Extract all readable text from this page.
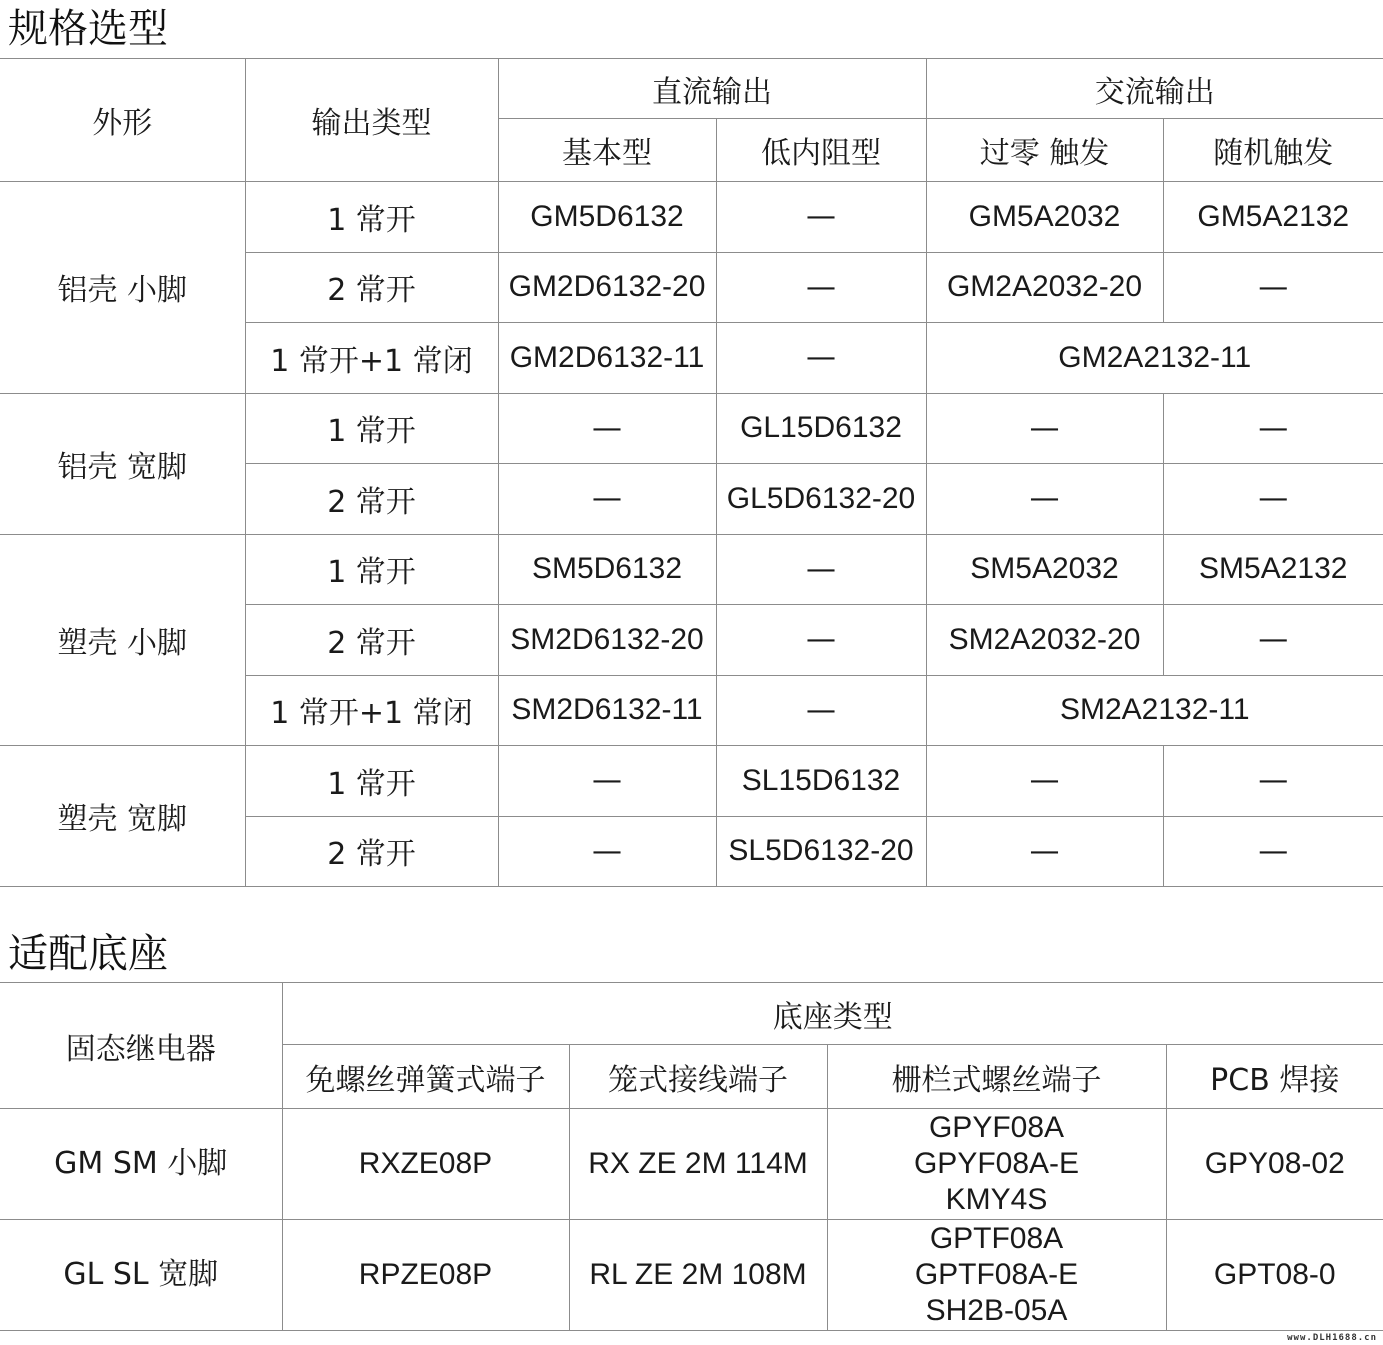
规格选型
外形	输出类型	直流输出		交流输出	
		基本型	低内阻型	过零 触发	随机触发
铝壳 小脚	1 常开	GM5D6132	—	GM5A2032	GM5A2132
	2 常开	GM2D6132-20	—	GM2A2032-20	—
	1 常开+1 常闭	GM2D6132-11	—	GM2A2132-11	
铝壳 宽脚	1 常开	—	GL15D6132	—	—
	2 常开	—	GL5D6132-20	—	—
塑壳 小脚	1 常开	SM5D6132	—	SM5A2032	SM5A2132
	2 常开	SM2D6132-20	—	SM2A2032-20	—
	1 常开+1 常闭	SM2D6132-11	—	SM2A2132-11	
塑壳 宽脚	1 常开	—	SL15D6132	—	—
	2 常开	—	SL5D6132-20	—	—
适配底座
固态继电器	底座类型			
	免螺丝弹簧式端子	笼式接线端子	栅栏式螺丝端子	PCB 焊接
GM SM 小脚	RXZE08P	RX ZE 2M 114M	GPYF08A
GPYF08A-E
KMY4S	GPY08-02
GL SL 宽脚	RPZE08P	RL ZE 2M 108M	GPTF08A
GPTF08A-E
SH2B-05A	GPT08-0
www.DLH1688.cn
